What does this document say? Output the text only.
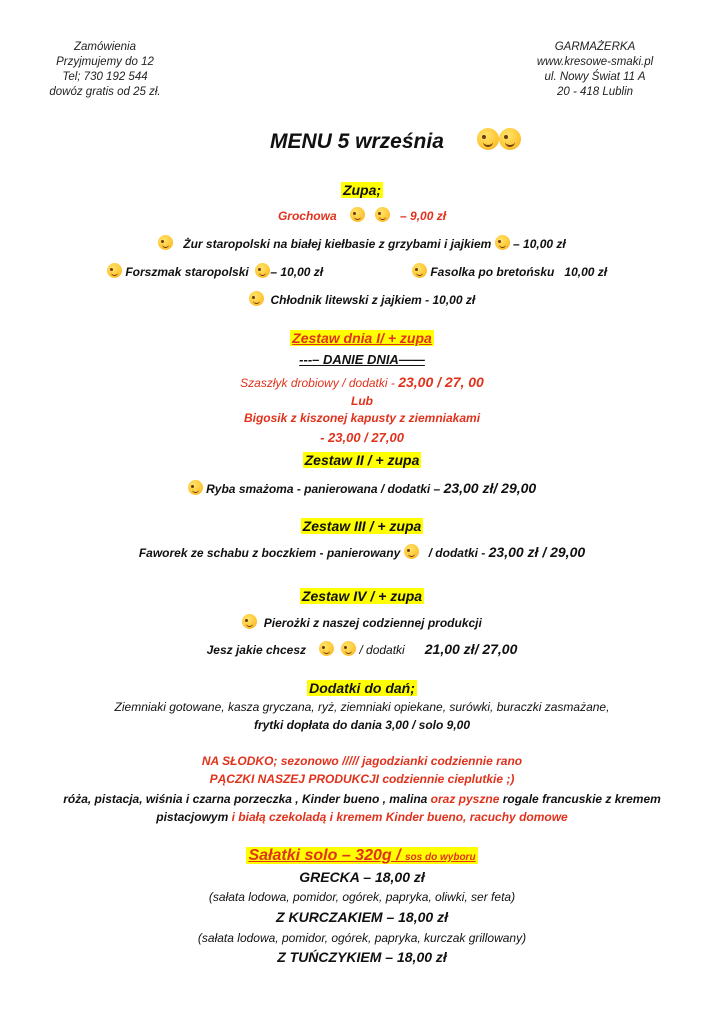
Zamówienia
Przyjmujemy do 12
Tel; 730 192 544
dowóz gratis od 25 zł.
GARMAŻERKA
www.kresowe-smaki.pl
ul. Nowy Świat 11 A
20 - 418 Lublin
MENU 5 września
Zupa;
Grochowa	– 9,00 zł
Żur staropolski na białej kiełbasie z grzybami i jajkiem – 10,00 zł
Forszmak staropolski – 10,00 zł	Fasolka po bretońsku 10,00 zł
Chłodnik litewski z jajkiem - 10,00 zł
Zestaw dnia I/ + zupa
---– DANIE DNIA——
Szaszłyk drobiowy / dodatki - 23,00 / 27, 00
Lub
Bigosik z kiszonej kapusty z ziemniakami
- 23,00 / 27,00
Zestaw II / + zupa
Ryba smażoma - panierowana / dodatki – 23,00 zł/ 29,00
Zestaw III / + zupa
Faworek ze schabu z boczkiem - panierowany / dodatki - 23,00 zł / 29,00
Zestaw IV / + zupa
Pierożki z naszej codziennej produkcji
Jesz jakie chcesz	/ dodatki 21,00 zł/ 27,00
Dodatki do dań;
Ziemniaki gotowane, kasza gryczana, ryż, ziemniaki opiekane, surówki, buraczki zasmażane,
frytki dopłata do dania 3,00 / solo 9,00
NA SŁODKO; sezonowo ///// jagodzianki codziennie rano
PĄCZKI NASZEJ PRODUKCJI codziennie cieplutkie ;)
róża, pistacja, wiśnia i czarna porzeczka , Kinder bueno , malina oraz pyszne rogale francuskie z kremem
pistacjowym i białą czekoladą i kremem Kinder bueno, racuchy domowe
Sałatki solo – 320g / sos do wyboru
GRECKA – 18,00 zł
(sałata lodowa, pomidor, ogórek, papryka, oliwki, ser feta)
Z KURCZAKIEM – 18,00 zł
(sałata lodowa, pomidor, ogórek, papryka, kurczak grillowany)
Z TUŃCZYKIEM – 18,00 zł
